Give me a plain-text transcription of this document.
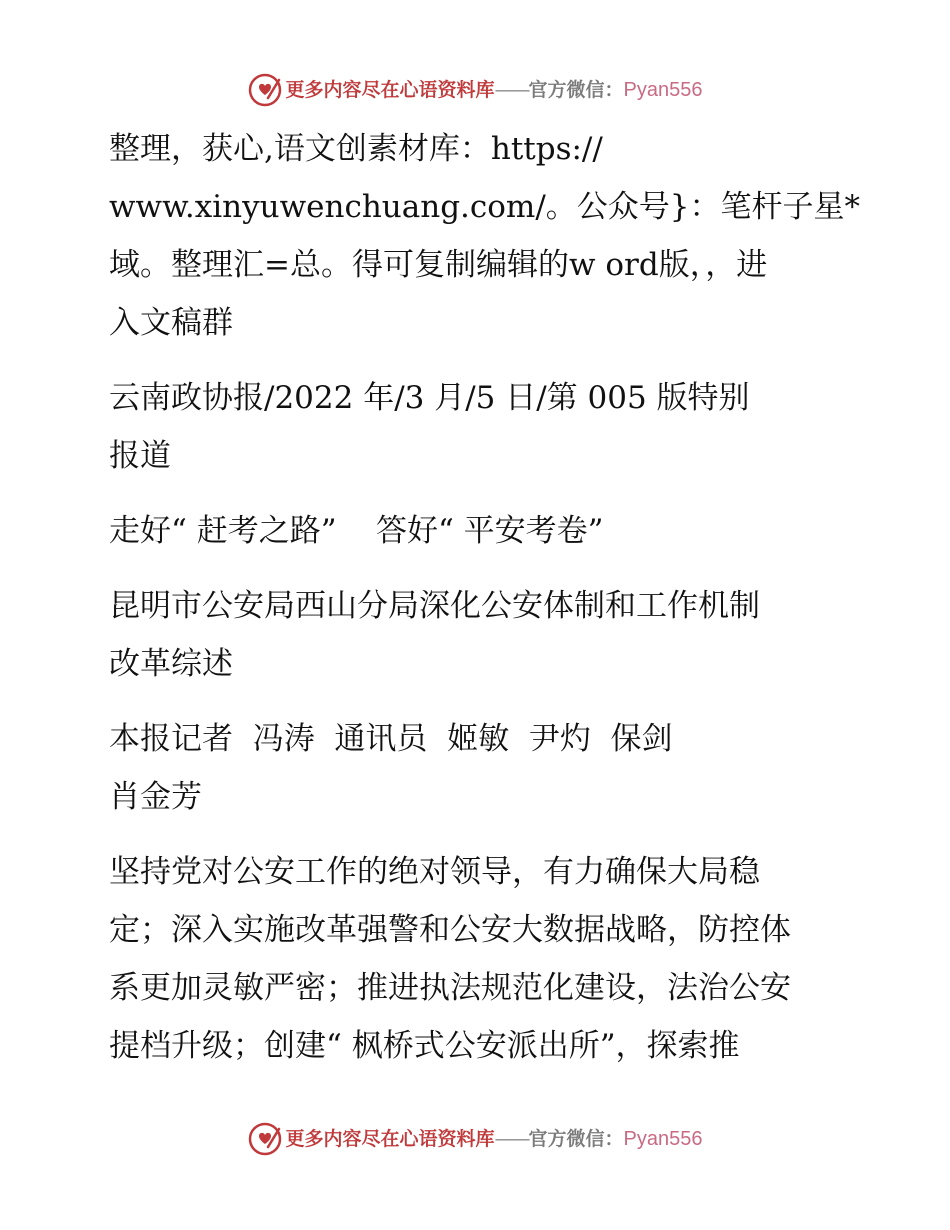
更多内容尽在心语资料库 —— 官方微信： Pyan556

整理，获心,语文创素材库：https://
www.xinyuwenchuang.com/。公众号}：笔杆子星*
域。整理汇=总。得可复制编辑的w ord版，，进
入文稿群

云南政协报/2022 年/3 月/5 日/第 005 版特别
报道

走好“ 赶考之路”    答好“ 平安考卷”

昆明市公安局西山分局深化公安体制和工作机制
改革综述

本报记者  冯涛  通讯员  姬敏  尹灼  保剑
肖金芳

坚持党对公安工作的绝对领导，有力确保大局稳
定；深入实施改革强警和公安大数据战略，防控体
系更加灵敏严密；推进执法规范化建设，法治公安
提档升级；创建“ 枫桥式公安派出所”，探索推

更多内容尽在心语资料库 —— 官方微信： Pyan556
